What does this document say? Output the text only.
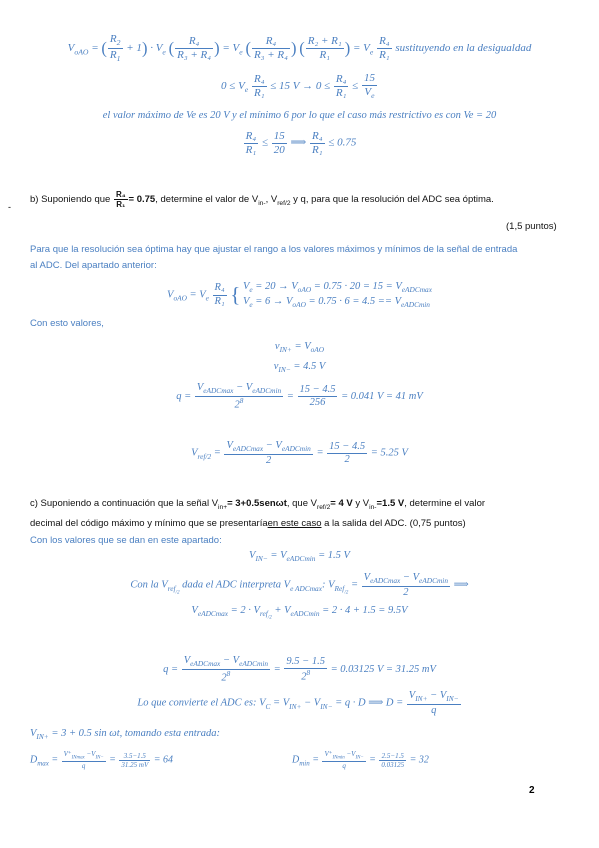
$V_{oAO}$ = ( $\frac{R_2}{R_1} + 1) \cdot V_e$ ( $\frac{\text{R₄}}{\text{R₃ + R₄}}$ ) = $V_e$ ( $\frac{\text{R₄}}{\text{R₃ + R₄}}$ ) ( $\frac{\text{R₂ + R₁}}{\text{R₁}}$ ) = $V_e \frac{\text{R₄}}{\text{R₁}}$ sustituyendo en la desigualdad
$0 \le V_e \frac{\text{R₄}}{\text{R₁}} \le 15$ $V \to 0 \le \frac{\text{R₄}}{\text{R₁}} \le \frac{15}{V_e}$
el valor máximo de Ve es 20 V y el mínimo 6 por lo que el caso más restrictivo es con Ve = 20
$\frac{\text{R₄}}{\text{R₁}} \le \frac{15}{20}$ ⟹ $\frac{\text{R₄}}{\text{R₁}} \le 0.75$
-
b) Suponiendo que $\frac{\text{R₄}}{\text{R₁}} = 0.75$, determine el valor de $V_{in-}$, $V_{ref/2}$ y q, para que la resolución del ADC sea óptima.
(1,5 puntos)
Para que la resolución sea óptima hay que ajustar el rango a los valores máximos y mínimos de la señal de entrada al ADC. Del apartado anterior:
$V_{oAO} = V_e \frac{\text{R₄}}{\text{R₁}}$ { $V_e = 20 \to V_{oAO} = 0.75 \cdot 20 = 15 = V_{eADCmax}$
$V_e = 6 \to V_{oAO} = 0.75 \cdot 6 = 4.5 == V_{eADCmin}$
Con esto valores,
$v_{IN+} = V_{oAO}$
$v_{IN-} = 4.5$ V
$q = \frac{V_{eADCmax} - V_{eADCmin}}{2^8} = \frac{15 - 4.5}{256} = 0.041$ V = 41 mV
$V_{ref/2} = \frac{V_{eADCmax} - V_{eADCmin}}{2} = \frac{15 - 4.5}{2} = 5.25$ V
c) Suponiendo a continuación que la señal $V_{in+}= 3+0.5sen\omega t$, que $V_{ref/2}= 4$ V y $V_{in-}=1.5$ V, determine el valor
decimal del código máximo y mínimo que se presentaríaen este caso a la salida del ADC. (0,75 puntos)
Con los valores que se dan en este apartado:
$V_{IN-} = V_{eADCmin} = 1.5$ V
Con la $V_{ref_{/2}}$ dada el ADC interpreta $V_{e ADCmax}$: $V_{Ref_{/2}} = \frac{V_{eADCmax} - V_{eADCmin}}{2}$ ⟹
$V_{eADCmax} = 2 \cdot V_{ref_{/2}} + V_{eADCmin} = 2 \cdot 4 + 1.5 = 9.5V$
$q = \frac{V_{eADCmax} - V_{eADCmin}}{2^8} = \frac{9.5 - 1.5}{2^8} = 0.03125$ V = 31.25 mV
Lo que convierte el ADC es: $V_C = V_{IN+} - V_{IN-} = q \cdot D$ ⟹ $D = \frac{V_{IN+} - V_{IN-}}{q}$
$V_{IN+} = 3 + 0.5$ sin ωt, tomando esta entrada:
$D_{max} = \frac{V^+_{INmax} -V_{IN-}}{q} = \frac{3.5-1.5}{31.25 mV} = 64$	$D_{min} = \frac{V^+_{INmin} -V_{IN-}}{q} = \frac{2.5-1.5}{0.03125} = 32$
2
